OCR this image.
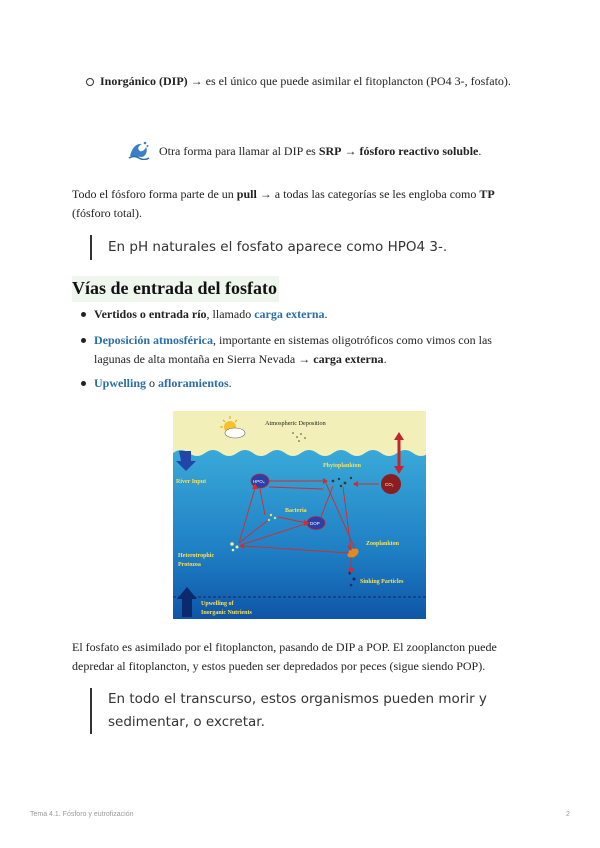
Inorgánico (DIP) → es el único que puede asimilar el fitoplancton (PO4 3-, fosfato).
Otra forma para llamar al DIP es SRP → fósforo reactivo soluble.
Todo el fósforo forma parte de un pull → a todas las categorías se les engloba como TP (fósforo total).
En pH naturales el fosfato aparece como HPO4 3-.
Vías de entrada del fosfato
Vertidos o entrada río, llamado carga externa.
Deposición atmosférica, importante en sistemas oligotróficos como vimos con las lagunas de alta montaña en Sierra Nevada → carga externa.
Upwelling o afloramientos.
Atmospheric Deposition
River Input
Phytoplankton
CO₂
HPO₄
DOP
Bacteria
Zooplankton
Heterotrophic
Protozoa
Sinking Particles
Upwelling of
Inorganic Nutrients
El fosfato es asimilado por el fitoplancton, pasando de DIP a POP. El zooplancton puede depredar al fitoplancton, y estos pueden ser depredados por peces (sigue siendo POP).
En todo el transcurso, estos organismos pueden morir y sedimentar, o excretar.
Tema 4.1. Fósforo y eutrofización	2
